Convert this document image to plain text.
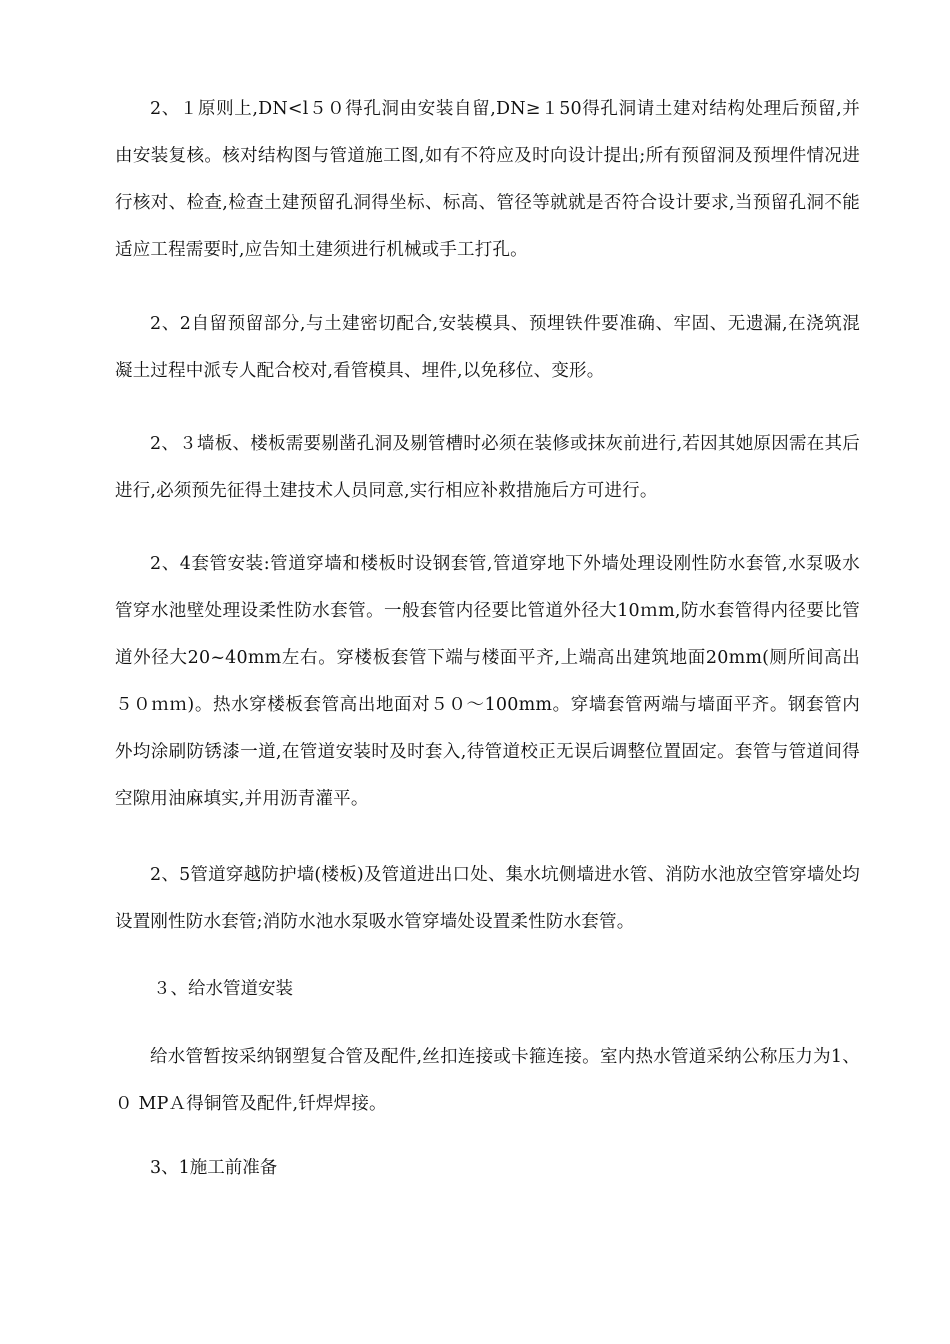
2、１原则上,DN<l５０得孔洞由安装自留,DN≥１50得孔洞请土建对结构处理后预留,并由安装复核。核对结构图与管道施工图,如有不符应及时向设计提出;所有预留洞及预埋件情况进行核对、检查,检查土建预留孔洞得坐标、标高、管径等就就是否符合设计要求,当预留孔洞不能适应工程需要时,应告知土建须进行机械或手工打孔。

2、2自留预留部分,与土建密切配合,安装模具、预埋铁件要准确、牢固、无遗漏,在浇筑混凝土过程中派专人配合校对,看管模具、埋件,以免移位、变形。

2、３墙板、楼板需要剔凿孔洞及剔管槽时必须在装修或抹灰前进行,若因其她原因需在其后进行,必须预先征得土建技术人员同意,实行相应补救措施后方可进行。

2、4套管安装:管道穿墙和楼板时设钢套管,管道穿地下外墙处理设刚性防水套管,水泵吸水管穿水池壁处理设柔性防水套管。一般套管内径要比管道外径大10ｍm,防水套管得内径要比管道外径大20~40mm左右。穿楼板套管下端与楼面平齐,上端高出建筑地面20mm(厕所间高出５０ｍｍ)。热水穿楼板套管高出地面对５０～100mm。穿墙套管两端与墙面平齐。钢套管内外均涂刷防锈漆一道,在管道安装时及时套入,待管道校正无误后调整位置固定。套管与管道间得空隙用油麻填实,并用沥青灌平。

2、5管道穿越防护墙(楼板)及管道进出口处、集水坑侧墙进水管、消防水池放空管穿墙处均设置刚性防水套管;消防水池水泵吸水管穿墙处设置柔性防水套管。

３、给水管道安装

给水管暂按采纳钢塑复合管及配件,丝扣连接或卡箍连接。室内热水管道采纳公称压力为1、０ MPＡ得铜管及配件,钎焊焊接。

3、1施工前准备
